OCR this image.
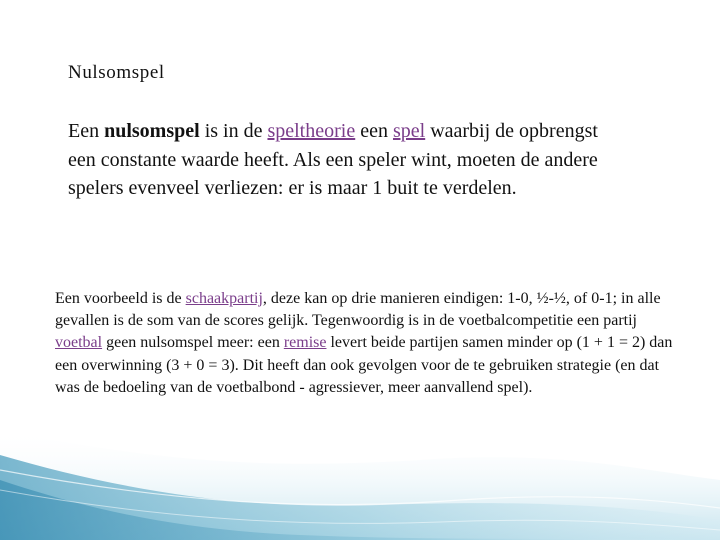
Nulsomspel

Een nulsomspel is in de speltheorie een spel waarbij de opbrengst een constante waarde heeft. Als een speler wint, moeten de andere spelers evenveel verliezen: er is maar 1 buit te verdelen.

Een voorbeeld is de schaakpartij, deze kan op drie manieren eindigen: 1-0, ½-½, of 0-1; in alle gevallen is de som van de scores gelijk. Tegenwoordig is in de voetbalcompetitie een partij voetbal geen nulsomspel meer: een remise levert beide partijen samen minder op (1 + 1 = 2) dan een overwinning (3 + 0 = 3). Dit heeft dan ook gevolgen voor de te gebruiken strategie (en dat was de bedoeling van de voetbalbond - agressiever, meer aanvallend spel).
